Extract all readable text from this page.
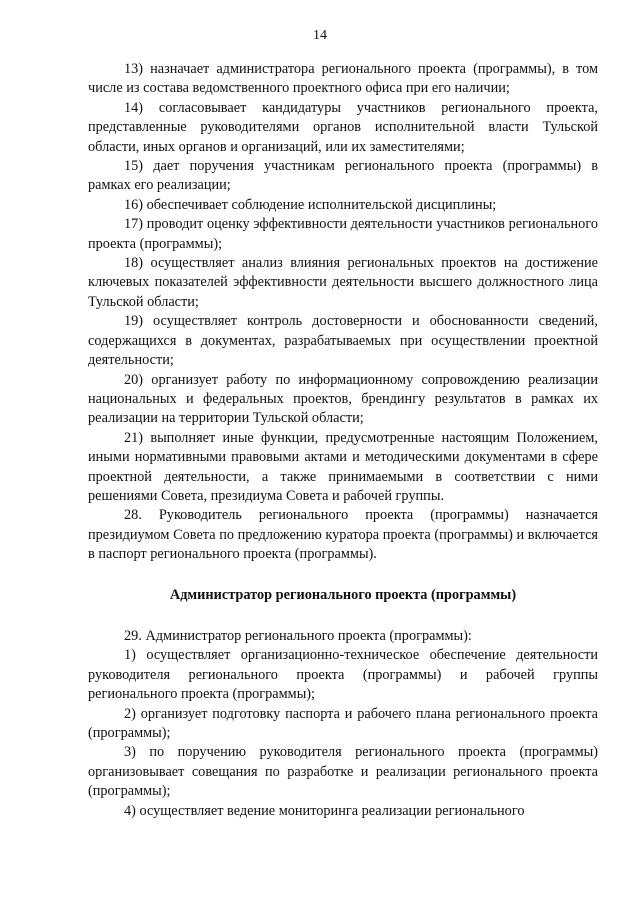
14

13) назначает администратора регионального проекта (программы), в том числе из состава ведомственного проектного офиса при его наличии;

14) согласовывает кандидатуры участников регионального проекта, представленные руководителями органов исполнительной власти Тульской области, иных органов и организаций, или их заместителями;

15) дает поручения участникам регионального проекта (программы) в рамках его реализации;

16) обеспечивает соблюдение исполнительской дисциплины;

17) проводит оценку эффективности деятельности участников регионального проекта (программы);

18) осуществляет анализ влияния региональных проектов на достижение ключевых показателей эффективности деятельности высшего должностного лица Тульской области;

19) осуществляет контроль достоверности и обоснованности сведений, содержащихся в документах, разрабатываемых при осуществлении проектной деятельности;

20) организует работу по информационному сопровождению реализации национальных и федеральных проектов, брендингу результатов в рамках их реализации на территории Тульской области;

21) выполняет иные функции, предусмотренные настоящим Положением, иными нормативными правовыми актами и методическими документами в сфере проектной деятельности, а также принимаемыми в соответствии с ними решениями Совета, президиума Совета и рабочей группы.

28. Руководитель регионального проекта (программы) назначается президиумом Совета по предложению куратора проекта (программы) и включается в паспорт регионального проекта (программы).

Администратор регионального проекта (программы)

29. Администратор регионального проекта (программы):

1) осуществляет организационно-техническое обеспечение деятельности руководителя регионального проекта (программы) и рабочей группы регионального проекта (программы);

2) организует подготовку паспорта и рабочего плана регионального проекта (программы);

3) по поручению руководителя регионального проекта (программы) организовывает совещания по разработке и реализации регионального проекта (программы);

4) осуществляет ведение мониторинга реализации регионального
